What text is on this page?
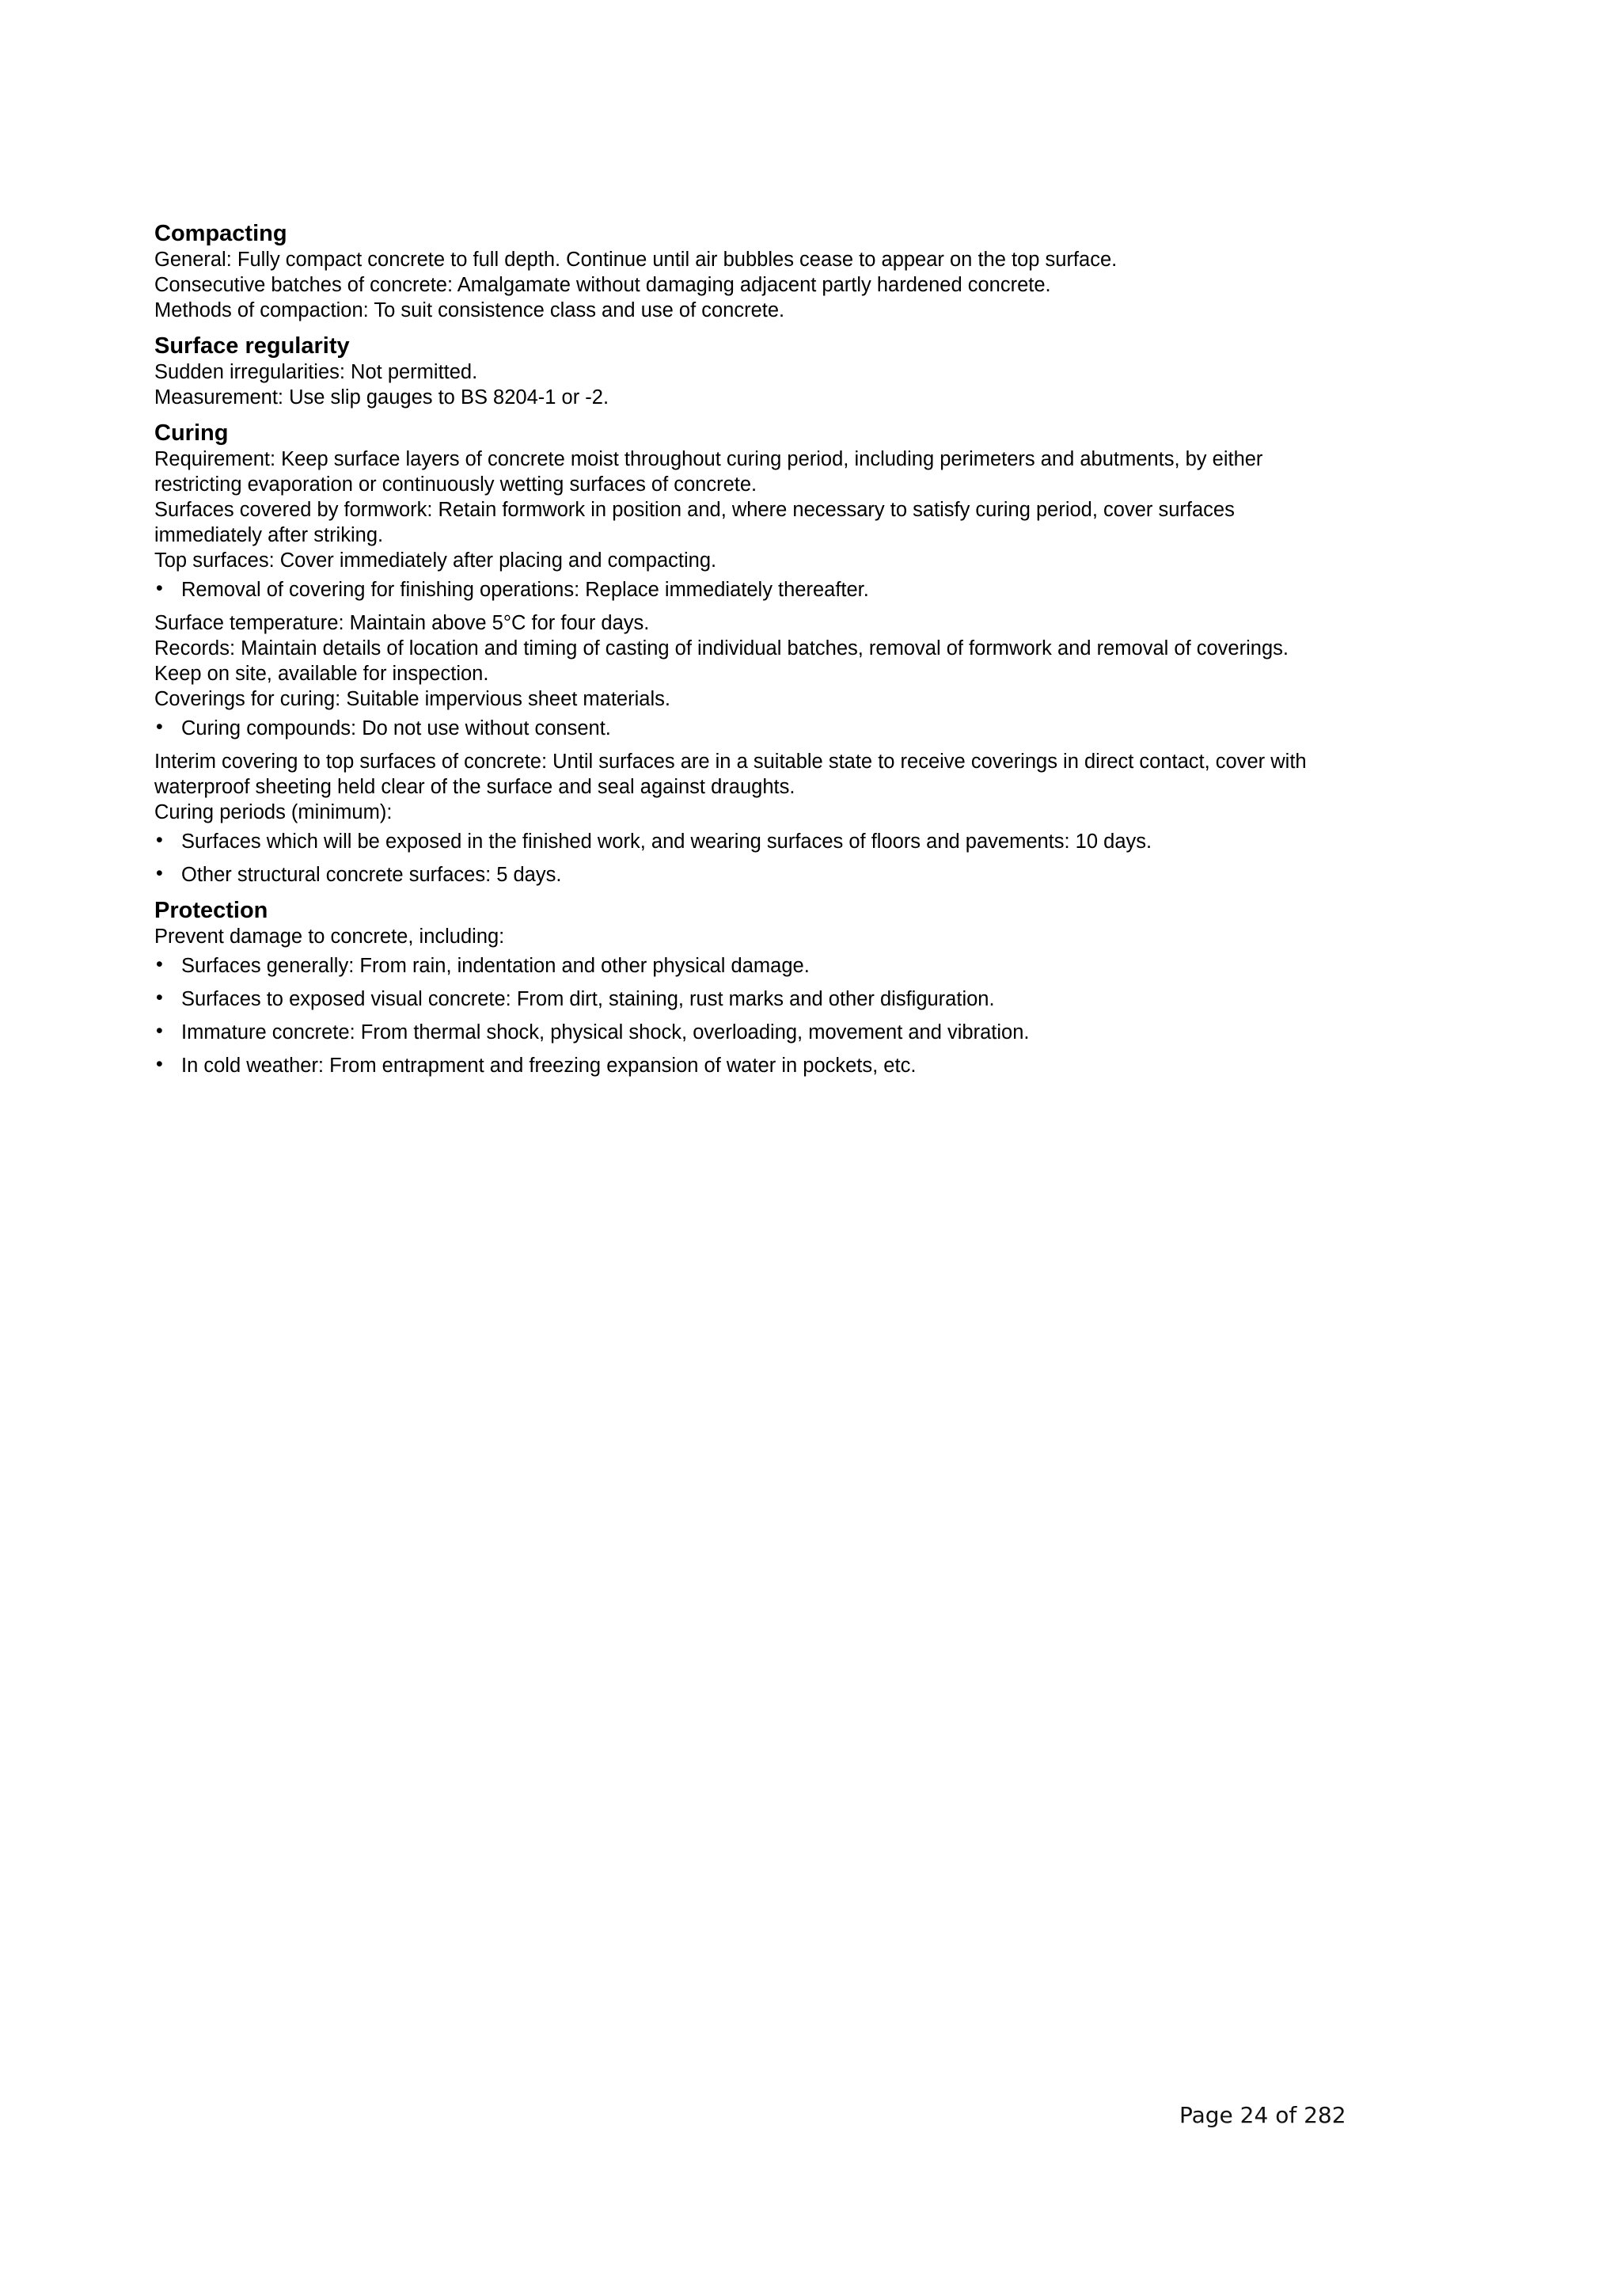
Compacting

General: Fully compact concrete to full depth. Continue until air bubbles cease to appear on the top surface.

Consecutive batches of concrete: Amalgamate without damaging adjacent partly hardened concrete.

Methods of compaction: To suit consistence class and use of concrete.

Surface regularity

Sudden irregularities: Not permitted.

Measurement: Use slip gauges to BS 8204-1 or -2.

Curing

Requirement: Keep surface layers of concrete moist throughout curing period, including perimeters and abutments, by either

restricting evaporation or continuously wetting surfaces of concrete.

Surfaces covered by formwork: Retain formwork in position and, where necessary to satisfy curing period, cover surfaces

immediately after striking.

Top surfaces: Cover immediately after placing and compacting.

• Removal of covering for finishing operations: Replace immediately thereafter.

Surface temperature: Maintain above 5°C for four days.

Records: Maintain details of location and timing of casting of individual batches, removal of formwork and removal of coverings.

Keep on site, available for inspection.

Coverings for curing: Suitable impervious sheet materials.

• Curing compounds: Do not use without consent.

Interim covering to top surfaces of concrete: Until surfaces are in a suitable state to receive coverings in direct contact, cover with

waterproof sheeting held clear of the surface and seal against draughts.

Curing periods (minimum):

• Surfaces which will be exposed in the finished work, and wearing surfaces of floors and pavements: 10 days.
• Other structural concrete surfaces: 5 days.

Protection

Prevent damage to concrete, including:

• Surfaces generally: From rain, indentation and other physical damage.
• Surfaces to exposed visual concrete: From dirt, staining, rust marks and other disfiguration.
• Immature concrete: From thermal shock, physical shock, overloading, movement and vibration.
• In cold weather: From entrapment and freezing expansion of water in pockets, etc.
Page 24 of 282
